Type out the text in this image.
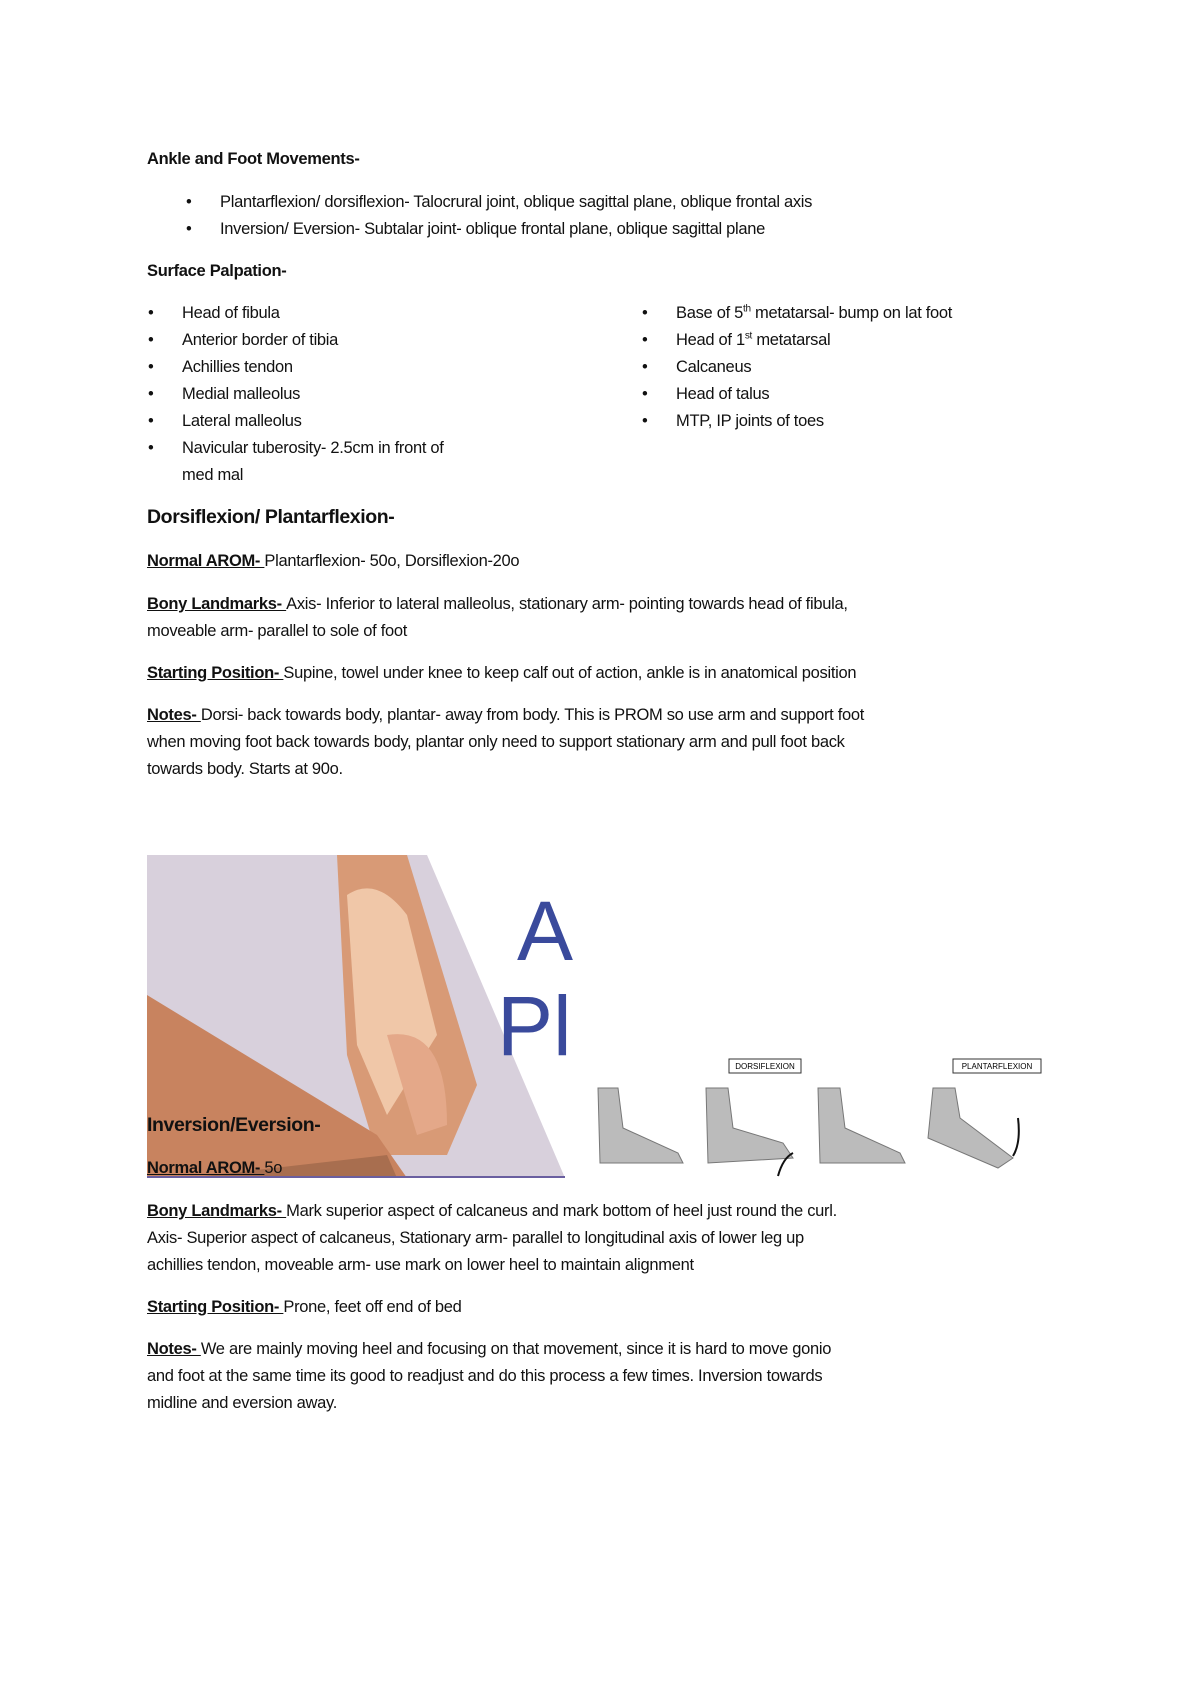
Ankle and Foot Movements-
• Plantarflexion/ dorsiflexion- Talocrural joint, oblique sagittal plane, oblique frontal axis
• Inversion/ Eversion- Subtalar joint- oblique frontal plane, oblique sagittal plane
Surface Palpation-
• Head of fibula
• Anterior border of tibia
• Achillies tendon
• Medial malleolus
• Lateral malleolus
• Navicular tuberosity- 2.5cm in front of
med mal
• Base of 5th metatarsal- bump on lat foot
• Head of 1st metatarsal
• Calcaneus
• Head of talus
• MTP, IP joints of toes
Dorsiflexion/ Plantarflexion-
Normal AROM- Plantarflexion- 50o, Dorsiflexion-20o
Bony Landmarks- Axis- Inferior to lateral malleolus, stationary arm- pointing towards head of fibula,
moveable arm- parallel to sole of foot
Starting Position- Supine, towel under knee to keep calf out of action, ankle is in anatomical position
Notes- Dorsi- back towards body, plantar- away from body. This is PROM so use arm and support foot
when moving foot back towards body, plantar only need to support stationary arm and pull foot back
towards body. Starts at 90o.
A
Pl	DORSIFLEXION	PLANTARFLEXION
Inversion/Eversion-
Normal AROM- 5o
Bony Landmarks- Mark superior aspect of calcaneus and mark bottom of heel just round the curl.
Axis- Superior aspect of calcaneus, Stationary arm- parallel to longitudinal axis of lower leg up
achillies tendon, moveable arm- use mark on lower heel to maintain alignment
Starting Position- Prone, feet off end of bed
Notes- We are mainly moving heel and focusing on that movement, since it is hard to move gonio
and foot at the same time its good to readjust and do this process a few times. Inversion towards
midline and eversion away.
